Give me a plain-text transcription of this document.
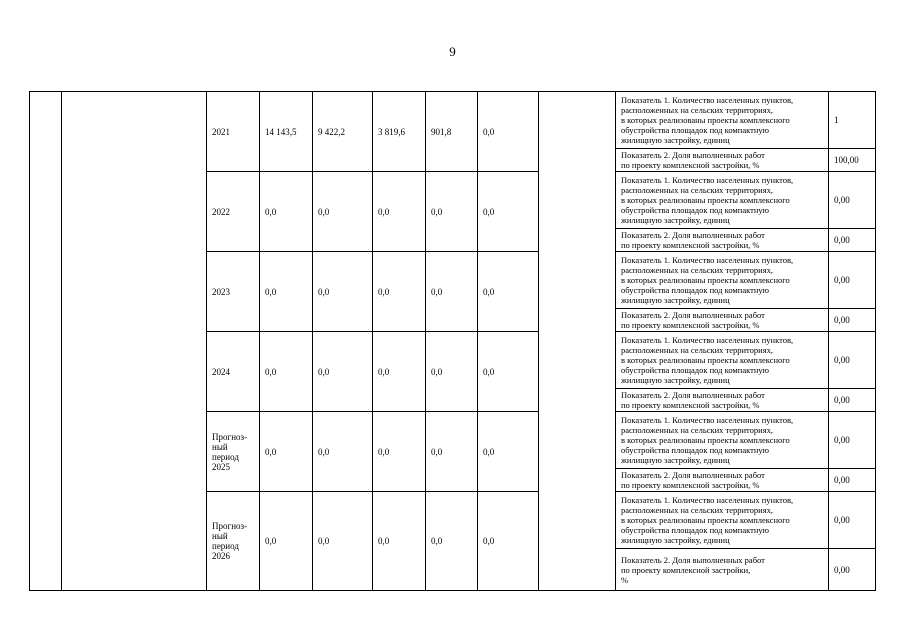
9

		2021	14 143,5	9 422,2	3 819,6	901,8	0,0		Показатель 1. Количество населенных пунктов,
расположенных на сельских территориях,
в которых реализованы проекты комплексного
обустройства площадок под компактную
жилищную застройку, единиц	1

									Показатель 2. Доля выполненных работ
по проекту комплексной застройки, %	100,00

		2022	0,0	0,0	0,0	0,0	0,0		Показатель 1. Количество населенных пунктов,
расположенных на сельских территориях,
в которых реализованы проекты комплексного
обустройства площадок под компактную
жилищную застройку, единиц	0,00

									Показатель 2. Доля выполненных работ
по проекту комплексной застройки, %	0,00

		2023	0,0	0,0	0,0	0,0	0,0		Показатель 1. Количество населенных пунктов,
расположенных на сельских территориях,
в которых реализованы проекты комплексного
обустройства площадок под компактную
жилищную застройку, единиц	0,00

									Показатель 2. Доля выполненных работ
по проекту комплексной застройки, %	0,00

		2024	0,0	0,0	0,0	0,0	0,0		Показатель 1. Количество населенных пунктов,
расположенных на сельских территориях,
в которых реализованы проекты комплексного
обустройства площадок под компактную
жилищную застройку, единиц	0,00

									Показатель 2. Доля выполненных работ
по проекту комплексной застройки, %	0,00

		Прогноз-
ный
период
2025	0,0	0,0	0,0	0,0	0,0		Показатель 1. Количество населенных пунктов,
расположенных на сельских территориях,
в которых реализованы проекты комплексного
обустройства площадок под компактную
жилищную застройку, единиц	0,00

									Показатель 2. Доля выполненных работ
по проекту комплексной застройки, %	0,00

		Прогноз-
ный
период
2026	0,0	0,0	0,0	0,0	0,0		Показатель 1. Количество населенных пунктов,
расположенных на сельских территориях,
в которых реализованы проекты комплексного
обустройства площадок под компактную
жилищную застройку, единиц	0,00

									Показатель 2. Доля выполненных работ
по проекту комплексной застройки,
%	0,00
